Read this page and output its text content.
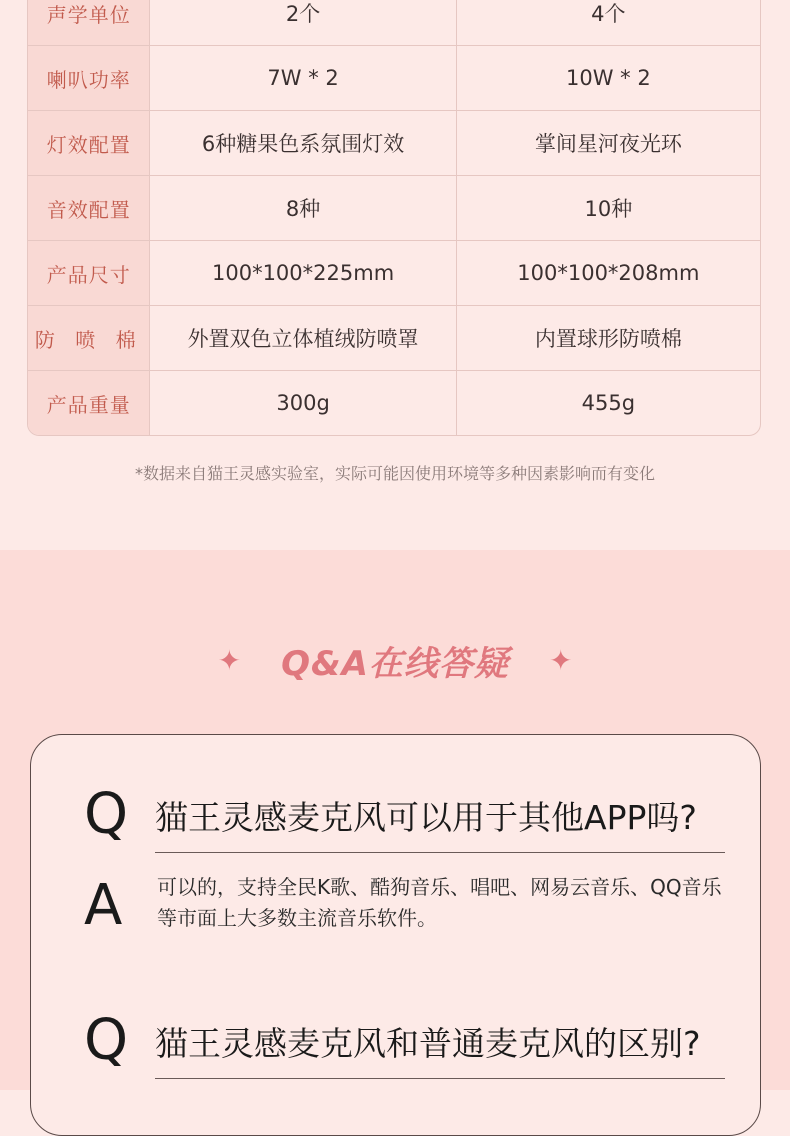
声学单位	2个	4个
喇叭功率	7W * 2	10W * 2
灯效配置	6种糖果色系氛围灯效	掌间星河夜光环
音效配置	8种	10种
产品尺寸	100*100*225mm	100*100*208mm
防 喷 棉	外置双色立体植绒防喷罩	内置球形防喷棉
产品重量	300g	455g
*数据来自猫王灵感实验室，实际可能因使用环境等多种因素影响而有变化
✦ Q&A在线答疑 ✦
Q 猫王灵感麦克风可以用于其他APP吗?
A 可以的，支持全民K歌、酷狗音乐、唱吧、网易云音乐、QQ音乐等市面上大多数主流音乐软件。
Q 猫王灵感麦克风和普通麦克风的区别?
